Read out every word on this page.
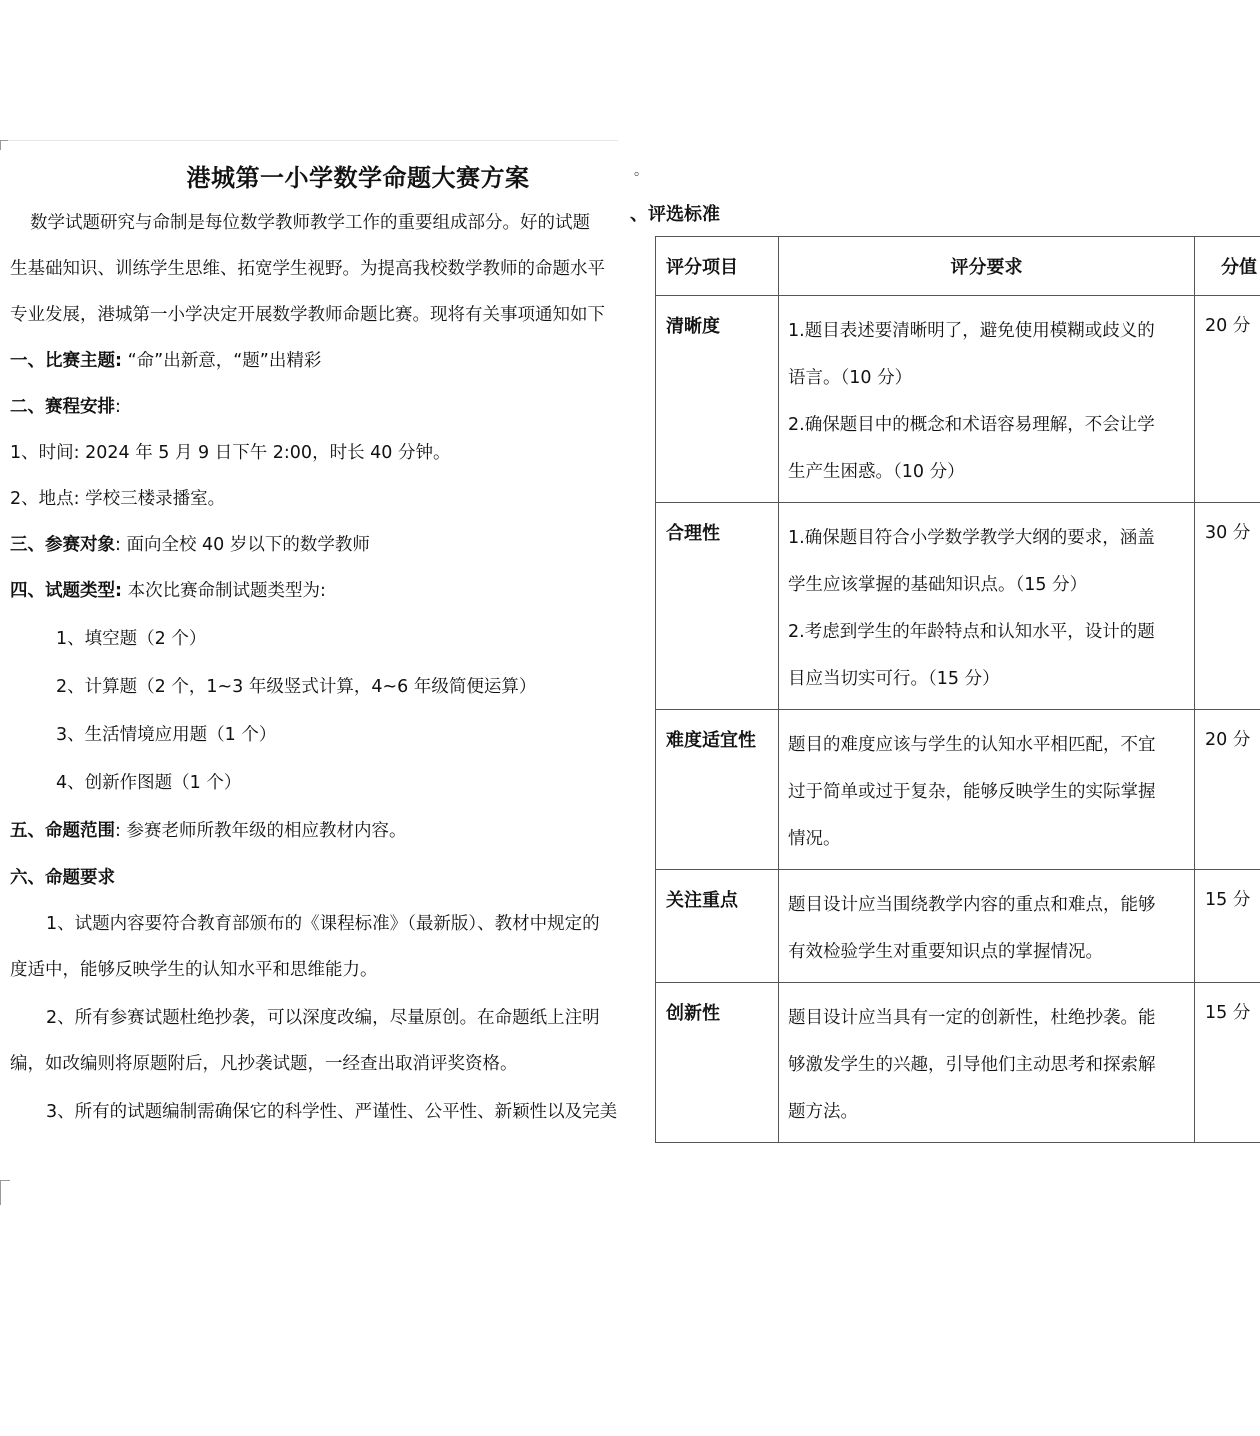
港城第一小学数学命题大赛方案
数学试题研究与命制是每位数学教师教学工作的重要组成部分。好的试题
生基础知识、训练学生思维、拓宽学生视野。为提高我校数学教师的命题水平
专业发展，港城第一小学决定开展数学教师命题比赛。现将有关事项通知如下
一、比赛主题: “命”出新意，“题”出精彩
二、赛程安排:
1、时间: 2024 年 5 月 9 日下午 2:00，时长 40 分钟。
2、地点: 学校三楼录播室。
三、参赛对象: 面向全校 40 岁以下的数学教师
四、试题类型: 本次比赛命制试题类型为:
1、填空题（2 个）
2、计算题（2 个，1~3 年级竖式计算，4~6 年级简便运算）
3、生活情境应用题（1 个）
4、创新作图题（1 个）
五、命题范围: 参赛老师所教年级的相应教材内容。
六、命题要求
1、试题内容要符合教育部颁布的《课程标准》（最新版）、教材中规定的
度适中，能够反映学生的认知水平和思维能力。
2、所有参赛试题杜绝抄袭，可以深度改编，尽量原创。在命题纸上注明
编，如改编则将原题附后，凡抄袭试题，一经查出取消评奖资格。
3、所有的试题编制需确保它的科学性、严谨性、公平性、新颖性以及完美
。
、评选标准
评分项目	评分要求	分值
清晰度	1.题目表述要清晰明了，避免使用模糊或歧义的
语言。（10 分）
2.确保题目中的概念和术语容易理解，不会让学
生产生困惑。（10 分）	20 分
合理性	1.确保题目符合小学数学教学大纲的要求，涵盖
学生应该掌握的基础知识点。（15 分）
2.考虑到学生的年龄特点和认知水平，设计的题
目应当切实可行。（15 分）	30 分
难度适宜性	题目的难度应该与学生的认知水平相匹配，不宜
过于简单或过于复杂，能够反映学生的实际掌握
情况。	20 分
关注重点	题目设计应当围绕教学内容的重点和难点，能够
有效检验学生对重要知识点的掌握情况。	15 分
创新性	题目设计应当具有一定的创新性，杜绝抄袭。能
够激发学生的兴趣，引导他们主动思考和探索解
题方法。	15 分
